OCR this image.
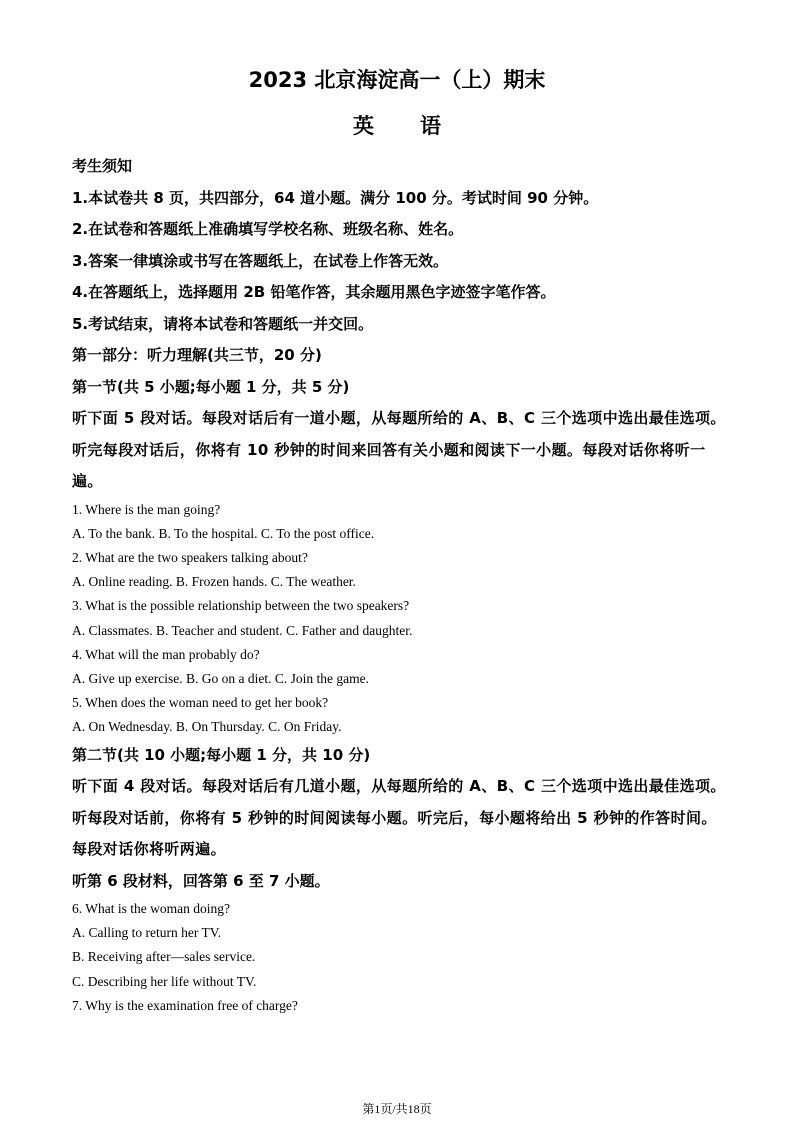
2023 北京海淀高一（上）期末
英 语
考生须知
1.本试卷共 8 页，共四部分，64 道小题。满分 100 分。考试时间 90 分钟。
2.在试卷和答题纸上准确填写学校名称、班级名称、姓名。
3.答案一律填涂或书写在答题纸上，在试卷上作答无效。
4.在答题纸上，选择题用 2B 铅笔作答，其余题用黑色字迹签字笔作答。
5.考试结束，请将本试卷和答题纸一并交回。
第一部分：听力理解(共三节，20 分)
第一节(共 5 小题;每小题 1 分，共 5 分)
听下面 5 段对话。每段对话后有一道小题，从每题所给的 A、B、C 三个选项中选出最佳选项。听完每段对话后，你将有 10 秒钟的时间来回答有关小题和阅读下一小题。每段对话你将听一遍。
1. Where is the man going?
A. To the bank. B. To the hospital. C. To the post office.
2. What are the two speakers talking about?
A. Online reading. B. Frozen hands. C. The weather.
3. What is the possible relationship between the two speakers?
A. Classmates. B. Teacher and student. C. Father and daughter.
4. What will the man probably do?
A. Give up exercise. B. Go on a diet. C. Join the game.
5. When does the woman need to get her book?
A. On Wednesday. B. On Thursday. C. On Friday.
第二节(共 10 小题;每小题 1 分，共 10 分)
听下面 4 段对话。每段对话后有几道小题，从每题所给的 A、B、C 三个选项中选出最佳选项。听每段对话前，你将有 5 秒钟的时间阅读每小题。听完后，每小题将给出 5 秒钟的作答时间。每段对话你将听两遍。
听第 6 段材料，回答第 6 至 7 小题。
6. What is the woman doing?
A. Calling to return her TV.
B. Receiving after—sales service.
C. Describing her life without TV.
7. Why is the examination free of charge?
第1页/共18页
